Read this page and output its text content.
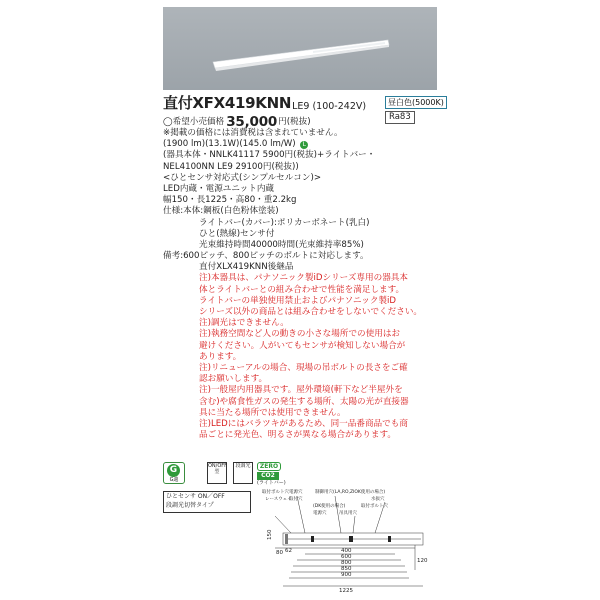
直付XFX419KNN LE9 (100-242V)	昼白色(5000K)
Ra83
◯希望小売価格 35,000 円(税抜)
※掲載の価格には消費税は含まれていません。
(1900 lm)(13.1W)(145.0 lm/W) L
(器具本体・NNLK41117 5900円(税抜)+ライトバー・
NEL4100NN LE9 29100円(税抜))
<ひとセンサ対応式(シンプルセルコン)>
LED内蔵・電源ユニット内蔵
幅150・長1225・高80・重2.2kg
仕様:本体:鋼板(白色粉体塗装)
ライトバー(カバー):ポリカーボネート(乳白)
ひと(熱線)センサ付
光束維持時間40000時間(光束維持率85%)
備考:600ピッチ、800ピッチのボルトに対応します。
直付XLX419KNN後継品
注)本器具は、パナソニック製iDシリーズ専用の器具本
体とライトバーとの組み合わせで性能を満足します。
ライトバーの単独使用禁止およびパナソニック製iD
シリーズ以外の商品とは組み合わせをしないでください。
注)調光はできません。
注)執務空間など人の動きの小さな場所での使用はお
避けください。人がいてもセンサが検知しない場合が
あります。
注)リニューアルの場合、現場の吊ボルトの長さをご確
認お願いします。
注)一般屋内用器具です。屋外環境(軒下など半屋外を
含む)や腐食性ガスの発生する場所、太陽の光が直接器
具に当たる場所では使用できません。
注)LEDにはバラツキがあるため、同一品番商品でも商
品ごとに発光色、明るさが異なる場合があります。
G
G適
ON/OFF型
段調光	ZERO
CO2
(ライトバー)
ひとセンサ ON／OFF
段調光切替タイプ
取付ボルト穴 電源穴	制御用穴(LA,RO,ZIOK使用の場合)
レースウェイ
取付穴	水抜穴
(DK使用の場合)	取付ボルト穴
電源穴	吊具用穴
150
80 62	400
600
800
850
900
1225
120
